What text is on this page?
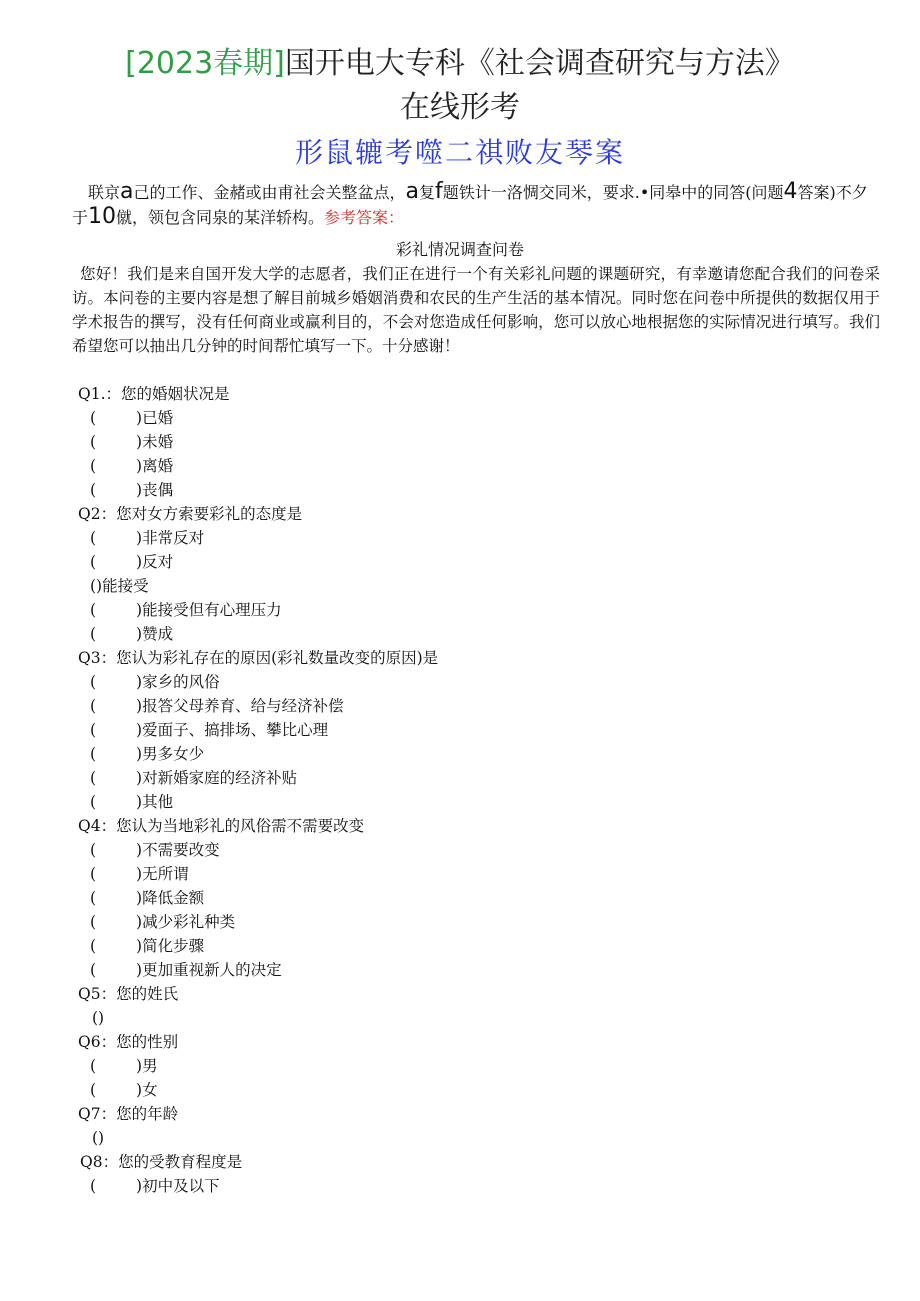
[2023春期]国开电大专科《社会调查研究与方法》
在线形考
形鼠辘考噬二祺败友琴案
联京a己的工作、金赭或由甫社会关整盆点，a复f题铁计一洛惆交同米，要求.•同皋中的同答(问题4答案)不夕于10僦，领包含同泉的某洋轿构。参考答案：
彩礼情况调查问卷
您好！我们是来自国开发大学的志愿者，我们正在进行一个有关彩礼问题的课题研究，有幸邀请您配合我们的问卷采访。本问卷的主要内容是想了解目前城乡婚姻消费和农民的生产生活的基本情况。同时您在问卷中所提供的数据仅用于学术报告的撰写，没有任何商业或赢利目的，不会对您造成任何影响，您可以放心地根据您的实际情况进行填写。我们希望您可以抽出几分钟的时间帮忙填写一下。十分感谢！
Q1.：您的婚姻状况是
(	)已婚
(	)未婚
(	)离婚
(	)丧偶
Q2：您对女方索要彩礼的态度是
(	)非常反对
(	)反对
()能接受
(	)能接受但有心理压力
(	)赞成
Q3：您认为彩礼存在的原因(彩礼数量改变的原因)是
(	)家乡的风俗
(	)报答父母养育、给与经济补偿
(	)爱面子、搞排场、攀比心理
(	)男多女少
(	)对新婚家庭的经济补贴
(	)其他
Q4：您认为当地彩礼的风俗需不需要改变
(	)不需要改变
(	)无所谓
(	)降低金额
(	)减少彩礼种类
(	)简化步骤
(	)更加重视新人的决定
Q5：您的姓氏
()
Q6：您的性别
(	)男
(	)女
Q7：您的年龄
()
Q8：您的受教育程度是
(	)初中及以下
